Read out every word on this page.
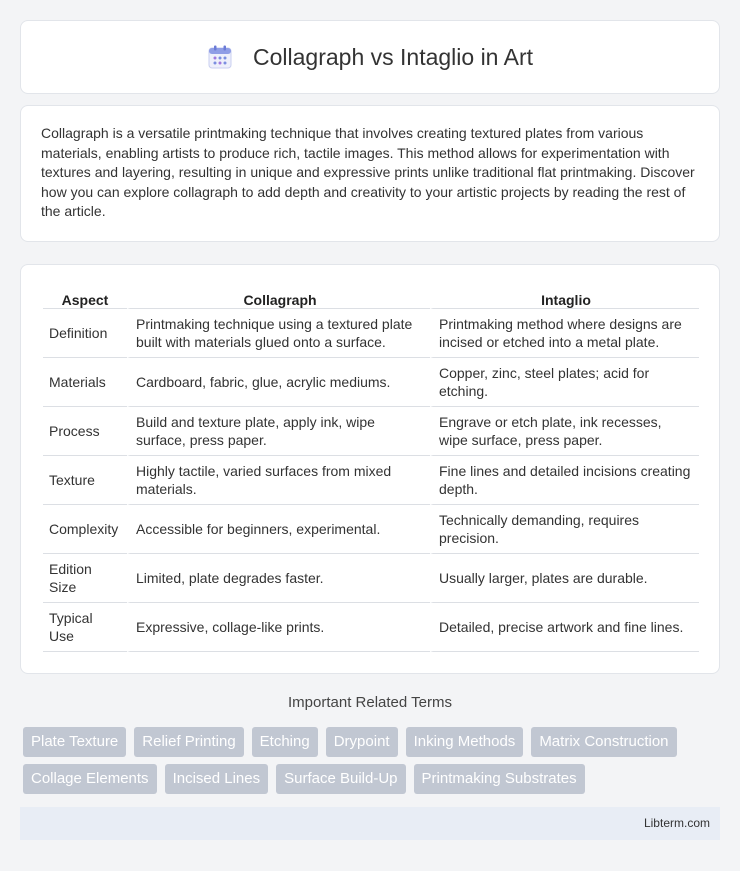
Collagraph vs Intaglio in Art

Collagraph is a versatile printmaking technique that involves creating textured plates from various materials, enabling artists to produce rich, tactile images. This method allows for experimentation with textures and layering, resulting in unique and expressive prints unlike traditional flat printmaking. Discover how you can explore collagraph to add depth and creativity to your artistic projects by reading the rest of the article.

Aspect	Collagraph	Intaglio
Definition	Printmaking technique using a textured plate built with materials glued onto a surface.	Printmaking method where designs are incised or etched into a metal plate.
Materials	Cardboard, fabric, glue, acrylic mediums.	Copper, zinc, steel plates; acid for etching.
Process	Build and texture plate, apply ink, wipe surface, press paper.	Engrave or etch plate, ink recesses, wipe surface, press paper.
Texture	Highly tactile, varied surfaces from mixed materials.	Fine lines and detailed incisions creating depth.
Complexity	Accessible for beginners, experimental.	Technically demanding, requires precision.
Edition Size	Limited, plate degrades faster.	Usually larger, plates are durable.
Typical Use	Expressive, collage-like prints.	Detailed, precise artwork and fine lines.
Important Related Terms
Plate Texture	Relief Printing	Etching	Drypoint	Inking Methods	Matrix Construction
Collage Elements	Incised Lines	Surface Build-Up	Printmaking Substrates
Libterm.com
